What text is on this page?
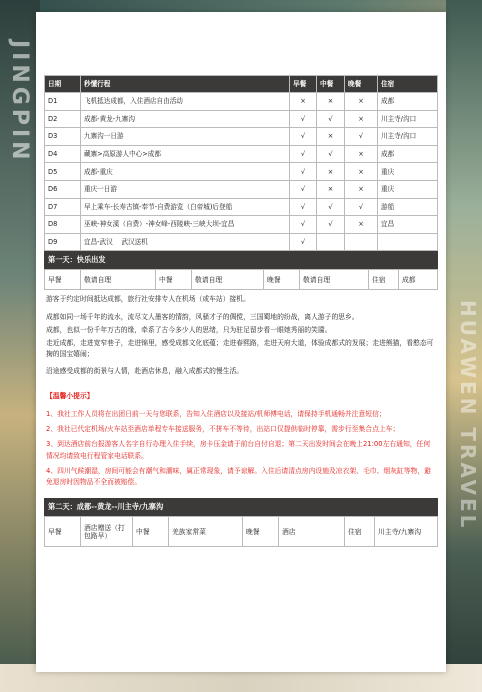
JINGPIN
HUAWEN TRAVEL
日期	秒懂行程	早餐	中餐	晚餐	住宿
D1	飞机抵达成都，入住酒店自由活动	×	×	×	成都
D2	成都-黄龙-九寨沟	√	√	×	川主寺/沟口
D3	九寨沟一日游	√	×	√	川主寺/沟口
D4	藏寨>高原游人中心>成都	√	√	×	成都
D5	成都-重庆	√	×	×	重庆
D6	重庆一日游	√	×	×	重庆
D7	早上乘车-长寿古镇-奉节-自费游览（白帝城)后登船	√	√	√	游船
D8	巫峡-神女溪（自费）-神女峰-西陵峡-三峡大坝-宜昌	√	√	×	宜昌
D9	宜昌-武汉　 武汉送机	√			
第一天：快乐出发
早餐	敬请自理	中餐	敬请自理	晚餐	敬请自理	住宿	成都

游客于约定时间抵达成都，旅行社安排专人在机场（或车站）接机。

成都如同一场千年的流水，流尽文人墨客的情韵，风骚才子的倜傥，三国蜀地的纷战，离人游子的思乡。

成都，也似一份千年万古的缘，牵系了古今多少人的思绪，只为驻足留步看一眼她秀丽的笑靥。

走近成都，走进宽窄巷子，走进锦里，感受成都文化底蕴；走进春熙路，走进天府大道，体验成都式的发展；走进熊猫，看憨态可掬的国宝嬉闹；

沿途感受成都的街景与人情，赴酒店休息，融入成都式的慢生活。

【温馨小提示】

1、我社工作人员将在出团日前一天与您联系，告知入住酒店以及接站/机师傅电话，请保持手机通畅并注意短信；

2、我社已代定机场/火车站至酒店单程专车接送服务，不拼车不等待，出站口仅提供临时停靠，需步行至集合点上车；

3、到达酒店前台报游客人名字自行办理入住手续，房卡压金请于前台自付自退；第二天出发时间会在晚上21:00左右通知，任何情况均请致电行程管家电话联系。

4、四川气候潮湿，房间可能会有潮气和潮味，属正常现象，请予谅解。入住后请清点房内设施及凉衣架、毛巾、烟灰缸等物，避免退房时因物品不全而被赔偿。

第二天：成都--黄龙--川主寺/九寨沟
早餐	酒店赠送（打包路早）	中餐	羌族家常菜	晚餐	酒店	住宿	川主寺/九寨沟
